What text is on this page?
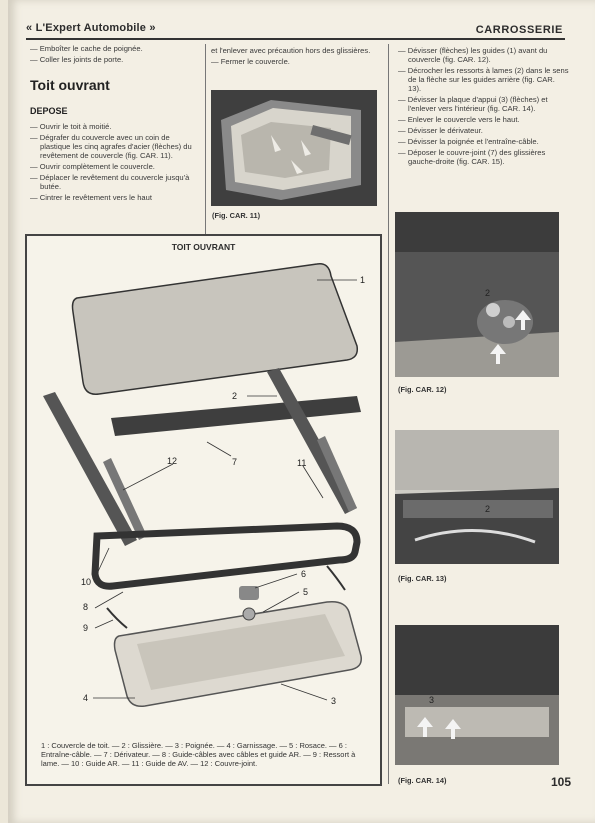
« L'Expert Automobile »	CARROSSERIE

— Emboîter le cache de poignée.

— Coller les joints de porte.

Toit ouvrant
DEPOSE

— Ouvrir le toit à moitié.

— Dégrafer du couvercle avec un coin de plastique les cinq agrafes d'acier (flèches) du revêtement de couvercle (fig. CAR. 11).

— Ouvrir complètement le couvercle.

— Déplacer le revêtement du couvercle jusqu'à butée.

— Cintrer le revêtement vers le haut

et l'enlever avec précaution hors des glissières.

— Fermer le couvercle.

(Fig. CAR. 11)

— Dévisser (flèches) les guides (1) avant du couvercle (fig. CAR. 12).

— Décrocher les ressorts à lames (2) dans le sens de la flèche sur les guides arrière (fig. CAR. 13).

— Dévisser la plaque d'appui (3) (flèches) et l'enlever vers l'intérieur (fig. CAR. 14).

— Enlever le couvercle vers le haut.

— Dévisser le dérivateur.

— Dévisser la poignée et l'entraîne-câble.

— Déposer le couvre-joint (7) des glissières gauche-droite (fig. CAR. 15).

2
(Fig. CAR. 12)
2
(Fig. CAR. 13)
3
(Fig. CAR. 14)
TOIT OUVRANT
1
2
7
12	11
6
5
10
8
9
4	3
1 : Couvercle de toit. — 2 : Glissière. — 3 : Poignée. — 4 : Garnissage. — 5 : Rosace. — 6 : Entraîne-câble. — 7 : Dérivateur. — 8 : Guide-câbles avec câbles et guide AR. — 9 : Ressort à lame. — 10 : Guide AR. — 11 : Guide de AV. — 12 : Couvre-joint.
105
